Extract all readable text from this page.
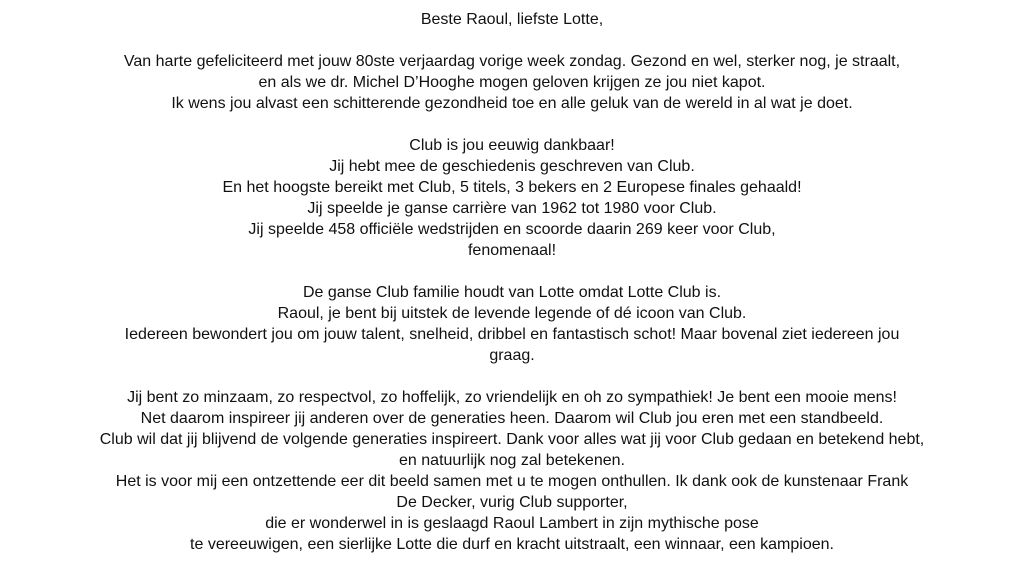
Beste Raoul, liefste Lotte,
Van harte gefeliciteerd met jouw 80ste verjaardag vorige week zondag. Gezond en wel, sterker nog, je straalt,
en als we dr. Michel D’Hooghe mogen geloven krijgen ze jou niet kapot.
Ik wens jou alvast een schitterende gezondheid toe en alle geluk van de wereld in al wat je doet.
Club is jou eeuwig dankbaar!
Jij hebt mee de geschiedenis geschreven van Club.
En het hoogste bereikt met Club, 5 titels, 3 bekers en 2 Europese finales gehaald!
Jij speelde je ganse carrière van 1962 tot 1980 voor Club.
Jij speelde 458 officiële wedstrijden en scoorde daarin 269 keer voor Club,
fenomenaal!
De ganse Club familie houdt van Lotte omdat Lotte Club is.
Raoul, je bent bij uitstek de levende legende of dé icoon van Club.
Iedereen bewondert jou om jouw talent, snelheid, dribbel en fantastisch schot! Maar bovenal ziet iedereen jou
graag.
Jij bent zo minzaam, zo respectvol, zo hoffelijk, zo vriendelijk en oh zo sympathiek! Je bent een mooie mens!
Net daarom inspireer jij anderen over de generaties heen. Daarom wil Club jou eren met een standbeeld.
Club wil dat jij blijvend de volgende generaties inspireert. Dank voor alles wat jij voor Club gedaan en betekend hebt,
en natuurlijk nog zal betekenen.
Het is voor mij een ontzettende eer dit beeld samen met u te mogen onthullen. Ik dank ook de kunstenaar Frank
De Decker, vurig Club supporter,
die er wonderwel in is geslaagd Raoul Lambert in zijn mythische pose
te vereeuwigen, een sierlijke Lotte die durf en kracht uitstraalt, een winnaar, een kampioen.
